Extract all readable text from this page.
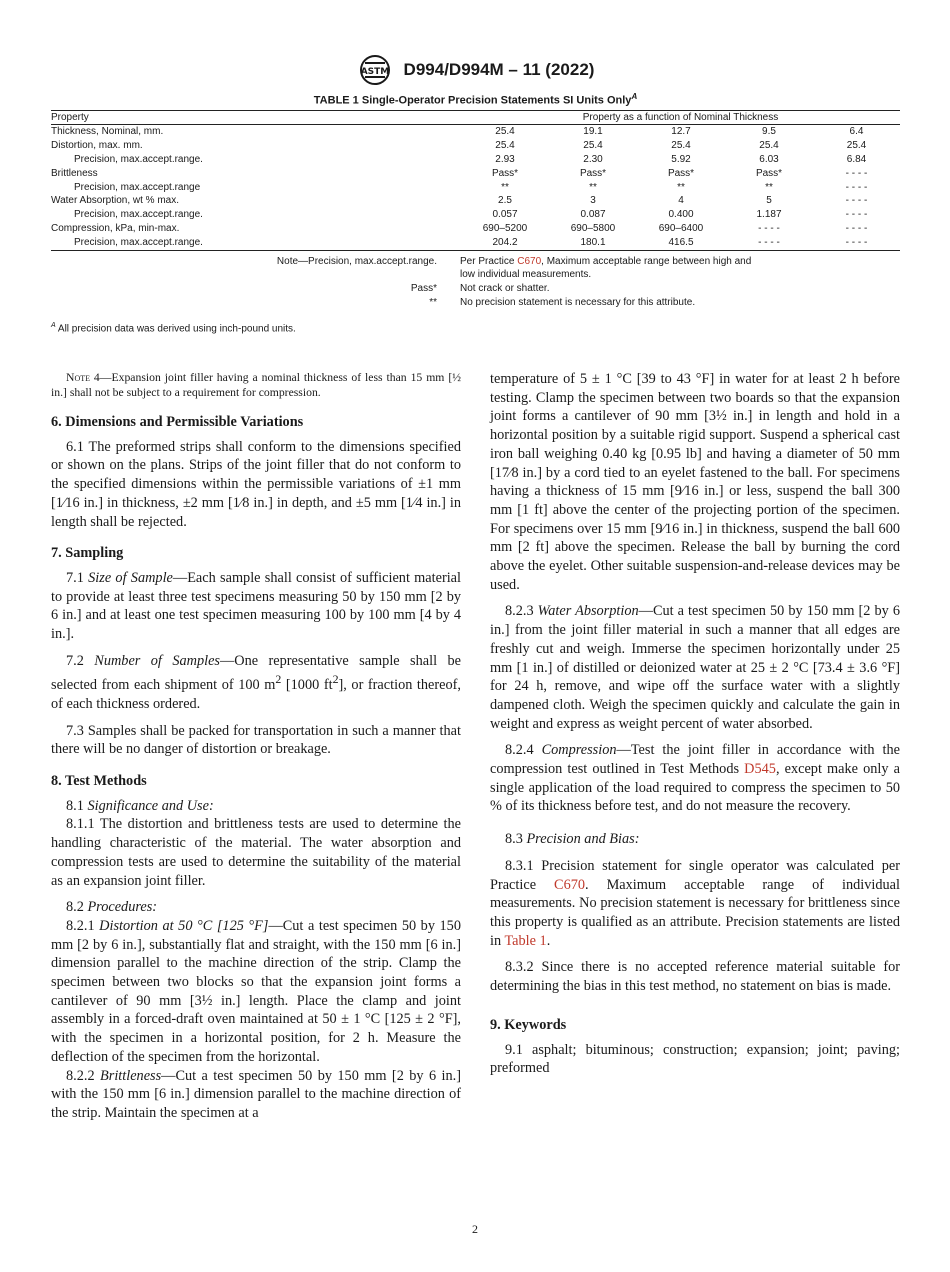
ASTM D994/D994M – 11 (2022)
TABLE 1 Single-Operator Precision Statements SI Units Only$^A$
Property	Property as a function of Nominal Thickness				
Thickness, Nominal, mm.	25.4	19.1	12.7	9.5	6.4
Distortion, max. mm.	25.4	25.4	25.4	25.4	25.4
Precision, max.accept.range.	2.93	2.30	5.92	6.03	6.84
Brittleness	Pass*	Pass*	Pass*	Pass*	- - - -
Precision, max.accept.range	**	**	**	**	- - - -
Water Absorption, wt % max.	2.5	3	4	5	- - - -
Precision, max.accept.range.	0.057	0.087	0.400	1.187	- - - -
Compression, kPa, min-max.	690–5200	690–5800	690–6400	- - - -	- - - -
Precision, max.accept.range.	204.2	180.1	416.5	- - - -	- - - -
Note—Precision, max.accept.range.	Per Practice C670, Maximum acceptable range between high and
low individual measurements.
Pass*	Not crack or shatter.
**	No precision statement is necessary for this attribute.
$^A$ All precision data was derived using inch-pound units.

Note 4—Expansion joint filler having a nominal thickness of less than 15 mm [½ in.] shall not be subject to a requirement for compression.

6. Dimensions and Permissible Variations

6.1 The preformed strips shall conform to the dimensions specified or shown on the plans. Strips of the joint filler that do not conform to the specified dimensions within the permissible variations of ±1 mm [1⁄16 in.] in thickness, ±2 mm [1⁄8 in.] in depth, and ±5 mm [1⁄4 in.] in length shall be rejected.

7. Sampling

7.1 Size of Sample—Each sample shall consist of sufficient material to provide at least three test specimens measuring 50 by 150 mm [2 by 6 in.] and at least one test specimen measuring 100 by 100 mm [4 by 4 in.].

7.2 Number of Samples—One representative sample shall be selected from each shipment of 100 $m^2$ [1000 $ft^2$], or fraction thereof, of each thickness ordered.

7.3 Samples shall be packed for transportation in such a manner that there will be no danger of distortion or breakage.

8. Test Methods

8.1 Significance and Use:

8.1.1 The distortion and brittleness tests are used to determine the handling characteristic of the material. The water absorption and compression tests are used to determine the suitability of the material as an expansion joint filler.

8.2 Procedures:

8.2.1 Distortion at 50 °C [125 °F]—Cut a test specimen 50 by 150 mm [2 by 6 in.], substantially flat and straight, with the 150 mm [6 in.] dimension parallel to the machine direction of the strip. Clamp the specimen between two blocks so that the expansion joint forms a cantilever of 90 mm [3½ in.] length. Place the clamp and joint assembly in a forced-draft oven maintained at 50 ± 1 °C [125 ± 2 °F], with the specimen in a horizontal position, for 2 h. Measure the deflection of the specimen from the horizontal.

8.2.2 Brittleness—Cut a test specimen 50 by 150 mm [2 by 6 in.] with the 150 mm [6 in.] dimension parallel to the machine direction of the strip. Maintain the specimen at a

temperature of 5 ± 1 °C [39 to 43 °F] in water for at least 2 h before testing. Clamp the specimen between two boards so that the expansion joint forms a cantilever of 90 mm [3½ in.] in length and hold in a horizontal position by a suitable rigid support. Suspend a spherical cast iron ball weighing 0.40 kg [0.95 lb] and having a diameter of 50 mm [17⁄8 in.] by a cord tied to an eyelet fastened to the ball. For specimens having a thickness of 15 mm [9⁄16 in.] or less, suspend the ball 300 mm [1 ft] above the center of the projecting portion of the specimen. For specimens over 15 mm [9⁄16 in.] in thickness, suspend the ball 600 mm [2 ft] above the specimen. Release the ball by burning the cord above the eyelet. Other suitable suspension-and-release devices may be used.

8.2.3 Water Absorption—Cut a test specimen 50 by 150 mm [2 by 6 in.] from the joint filler material in such a manner that all edges are freshly cut and weigh. Immerse the specimen horizontally under 25 mm [1 in.] of distilled or deionized water at 25 ± 2 °C [73.4 ± 3.6 °F] for 24 h, remove, and wipe off the surface water with a slightly dampened cloth. Weigh the specimen quickly and calculate the gain in weight and express as weight percent of water absorbed.

8.2.4 Compression—Test the joint filler in accordance with the compression test outlined in Test Methods D545, except make only a single application of the load required to compress the specimen to 50 % of its thickness before test, and do not measure the recovery.

8.3 Precision and Bias:

8.3.1 Precision statement for single operator was calculated per Practice C670. Maximum acceptable range of individual measurements. No precision statement is necessary for brittleness since this property is qualified as an attribute. Precision statements are listed in Table 1.

8.3.2 Since there is no accepted reference material suitable for determining the bias in this test method, no statement on bias is made.

9. Keywords

9.1 asphalt; bituminous; construction; expansion; joint; paving; preformed

2
